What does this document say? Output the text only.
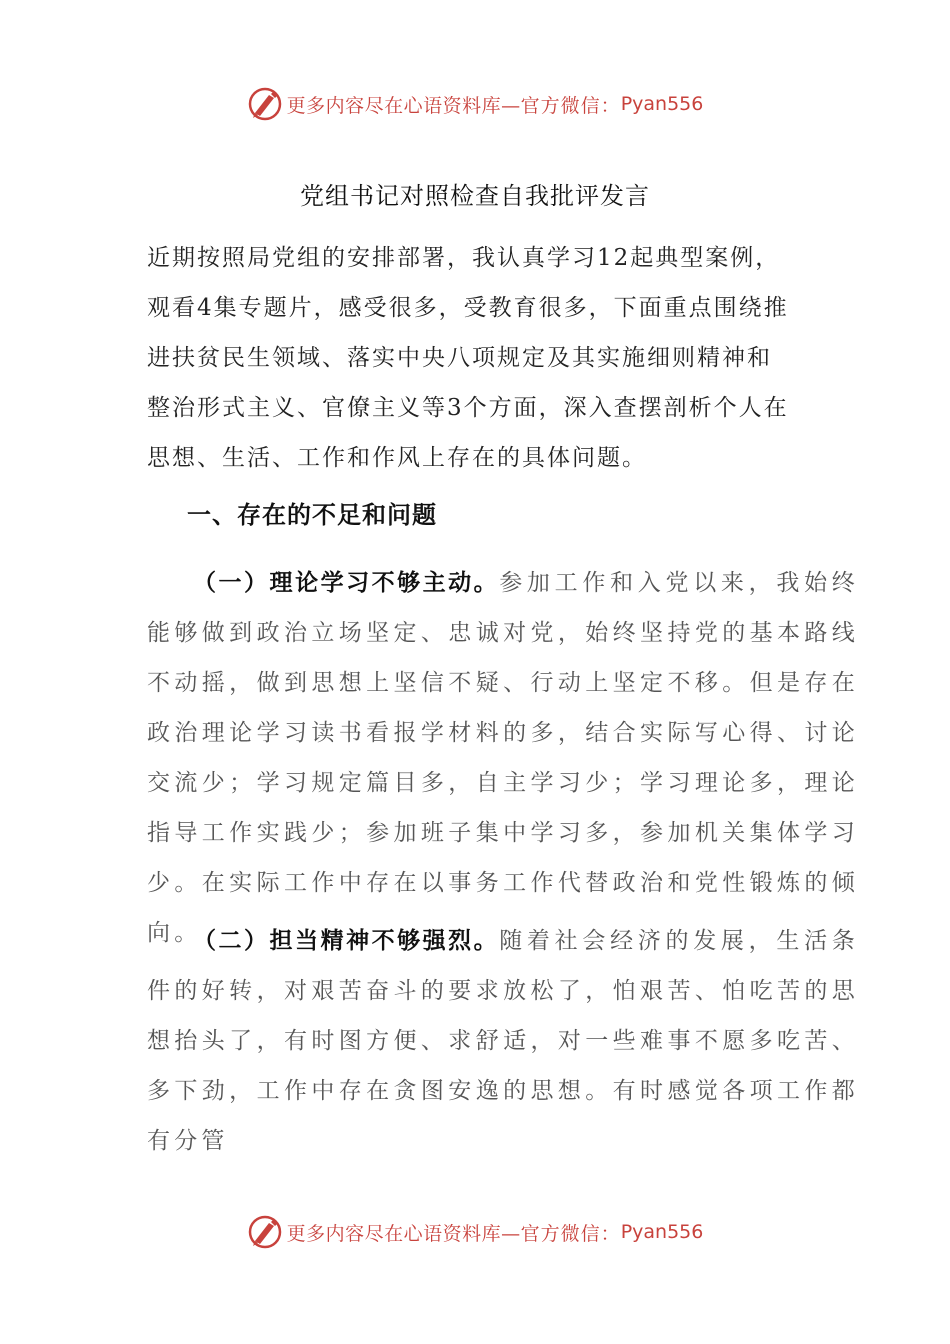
更多内容尽在心语资料库— 官方微信： Pyan556
党组书记对照检查自我批评发言

近期按照局党组的安排部署，我认真学习12起典型案例，
观看4集专题片，感受很多，受教育很多，下面重点围绕推
进扶贫民生领域、落实中央八项规定及其实施细则精神和
整治形式主义、官僚主义等3个方面，深入查摆剖析个人在
思想、生活、工作和作风上存在的具体问题。

一、存在的不足和问题

（一）理论学习不够主动。参加工作和入党以来，我始终能够做到政治立场坚定、忠诚对党，始终坚持党的基本路线不动摇，做到思想上坚信不疑、行动上坚定不移。但是存在政治理论学习读书看报学材料的多，结合实际写心得、讨论交流少；学习规定篇目多，自主学习少；学习理论多，理论指导工作实践少；参加班子集中学习多，参加机关集体学习少。在实际工作中存在以事务工作代替政治和党性锻炼的倾向。

（二）担当精神不够强烈。随着社会经济的发展，生活条件的好转，对艰苦奋斗的要求放松了，怕艰苦、怕吃苦的思想抬头了，有时图方便、求舒适，对一些难事不愿多吃苦、多下劲，工作中存在贪图安逸的思想。有时感觉各项工作都有分管

更多内容尽在心语资料库— 官方微信： Pyan556
